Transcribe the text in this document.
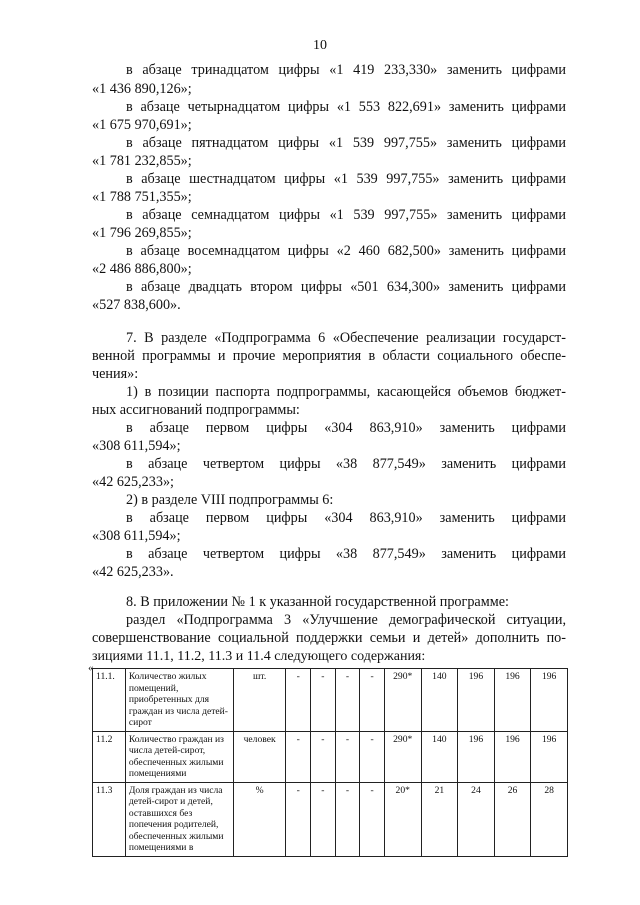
10
в абзаце тринадцатом цифры «1 419 233,330» заменить цифрами
«1 436 890,126»;
в абзаце четырнадцатом цифры «1 553 822,691» заменить цифрами
«1 675 970,691»;
в абзаце пятнадцатом цифры «1 539 997,755» заменить цифрами
«1 781 232,855»;
в абзаце шестнадцатом цифры «1 539 997,755» заменить цифрами
«1 788 751,355»;
в абзаце семнадцатом цифры «1 539 997,755» заменить цифрами
«1 796 269,855»;
в абзаце восемнадцатом цифры «2 460 682,500» заменить цифрами
«2 486 886,800»;
в абзаце двадцать втором цифры «501 634,300» заменить цифрами
«527 838,600».
7. В разделе «Подпрограмма 6 «Обеспечение реализации государст-
венной программы и прочие мероприятия в области социального обеспе-
чения»:
1) в позиции паспорта подпрограммы, касающейся объемов бюджет-
ных ассигнований подпрограммы:
в абзаце первом цифры «304 863,910» заменить цифрами
«308 611,594»;
в абзаце четвертом цифры «38 877,549» заменить цифрами
«42 625,233»;
2) в разделе VIII подпрограммы 6:
в абзаце первом цифры «304 863,910» заменить цифрами
«308 611,594»;
в абзаце четвертом цифры «38 877,549» заменить цифрами
«42 625,233».
8. В приложении № 1 к указанной государственной программе:
раздел «Подпрограмма 3 «Улучшение демографической ситуации,
совершенствование социальной поддержки семьи и детей» дополнить по-
зициями 11.1, 11.2, 11.3 и 11.4 следующего содержания:
«
11.1.	Количество жилых помещений, приобретенных для граждан из числа детей-сирот	шт.	-	-	-	-	290*	140	196	196	196
11.2	Количество граждан из числа детей-сирот, обеспеченных жилыми помещениями	человек	-	-	-	-	290*	140	196	196	196
11.3	Доля граждан из числа детей-сирот и детей, оставшихся без попечения родителей, обеспеченных жилыми помещениями в	%	-	-	-	-	20*	21	24	26	28
